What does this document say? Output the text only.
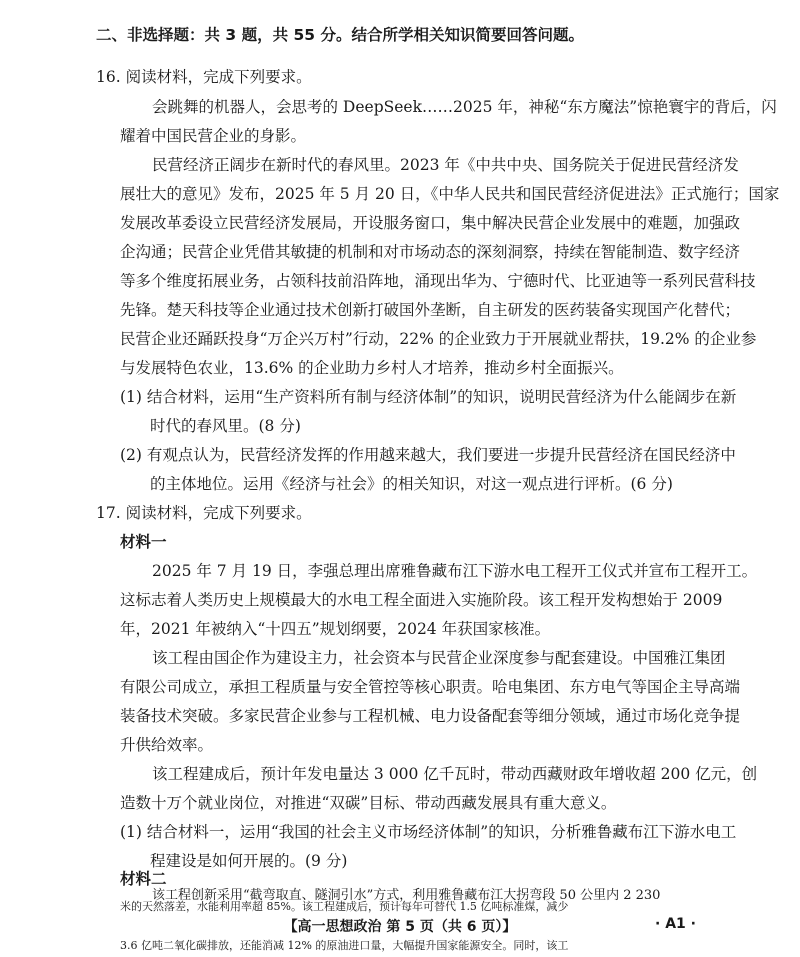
二、非选择题：共 3 题，共 55 分。结合所学相关知识简要回答问题。
16. 阅读材料，完成下列要求。
会跳舞的机器人，会思考的 DeepSeek……2025 年，神秘“东方魔法”惊艳寰宇的背后，闪
耀着中国民营企业的身影。
民营经济正阔步在新时代的春风里。2023 年《中共中央、国务院关于促进民营经济发
展壮大的意见》发布，2025 年 5 月 20 日，《中华人民共和国民营经济促进法》正式施行；国家
发展改革委设立民营经济发展局，开设服务窗口，集中解决民营企业发展中的难题，加强政
企沟通；民营企业凭借其敏捷的机制和对市场动态的深刻洞察，持续在智能制造、数字经济
等多个维度拓展业务，占领科技前沿阵地，涌现出华为、宁德时代、比亚迪等一系列民营科技
先锋。楚天科技等企业通过技术创新打破国外垄断，自主研发的医药装备实现国产化替代；
民营企业还踊跃投身“万企兴万村”行动，22% 的企业致力于开展就业帮扶，19.2% 的企业参
与发展特色农业，13.6% 的企业助力乡村人才培养，推动乡村全面振兴。
(1) 结合材料，运用“生产资料所有制与经济体制”的知识，说明民营经济为什么能阔步在新
时代的春风里。(8 分)
(2) 有观点认为，民营经济发挥的作用越来越大，我们要进一步提升民营经济在国民经济中
的主体地位。运用《经济与社会》的相关知识，对这一观点进行评析。(6 分)
17. 阅读材料，完成下列要求。
材料一
2025 年 7 月 19 日，李强总理出席雅鲁藏布江下游水电工程开工仪式并宣布工程开工。
这标志着人类历史上规模最大的水电工程全面进入实施阶段。该工程开发构想始于 2009
年，2021 年被纳入“十四五”规划纲要，2024 年获国家核准。
该工程由国企作为建设主力，社会资本与民营企业深度参与配套建设。中国雅江集团
有限公司成立，承担工程质量与安全管控等核心职责。哈电集团、东方电气等国企主导高端
装备技术突破。多家民营企业参与工程机械、电力设备配套等细分领域，通过市场化竞争提
升供给效率。
该工程建成后，预计年发电量达 3 000 亿千瓦时，带动西藏财政年增收超 200 亿元，创
造数十万个就业岗位，对推进“双碳”目标、带动西藏发展具有重大意义。
(1) 结合材料一，运用“我国的社会主义市场经济体制”的知识，分析雅鲁藏布江下游水电工
程建设是如何开展的。(9 分)
材料二
【高一思想政治 第 5 页（共 6 页）】	· A1 ·
该工程创新采用“截弯取直、隧洞引水”方式，利用雅鲁藏布江大拐弯段 50 公里内 2 230
米的天然落差，水能利用率超 85%。该工程建成后，预计每年可替代 1.5 亿吨标准煤，减少
3.6 亿吨二氧化碳排放，还能消减 12% 的原油进口量，大幅提升国家能源安全。同时，该工
